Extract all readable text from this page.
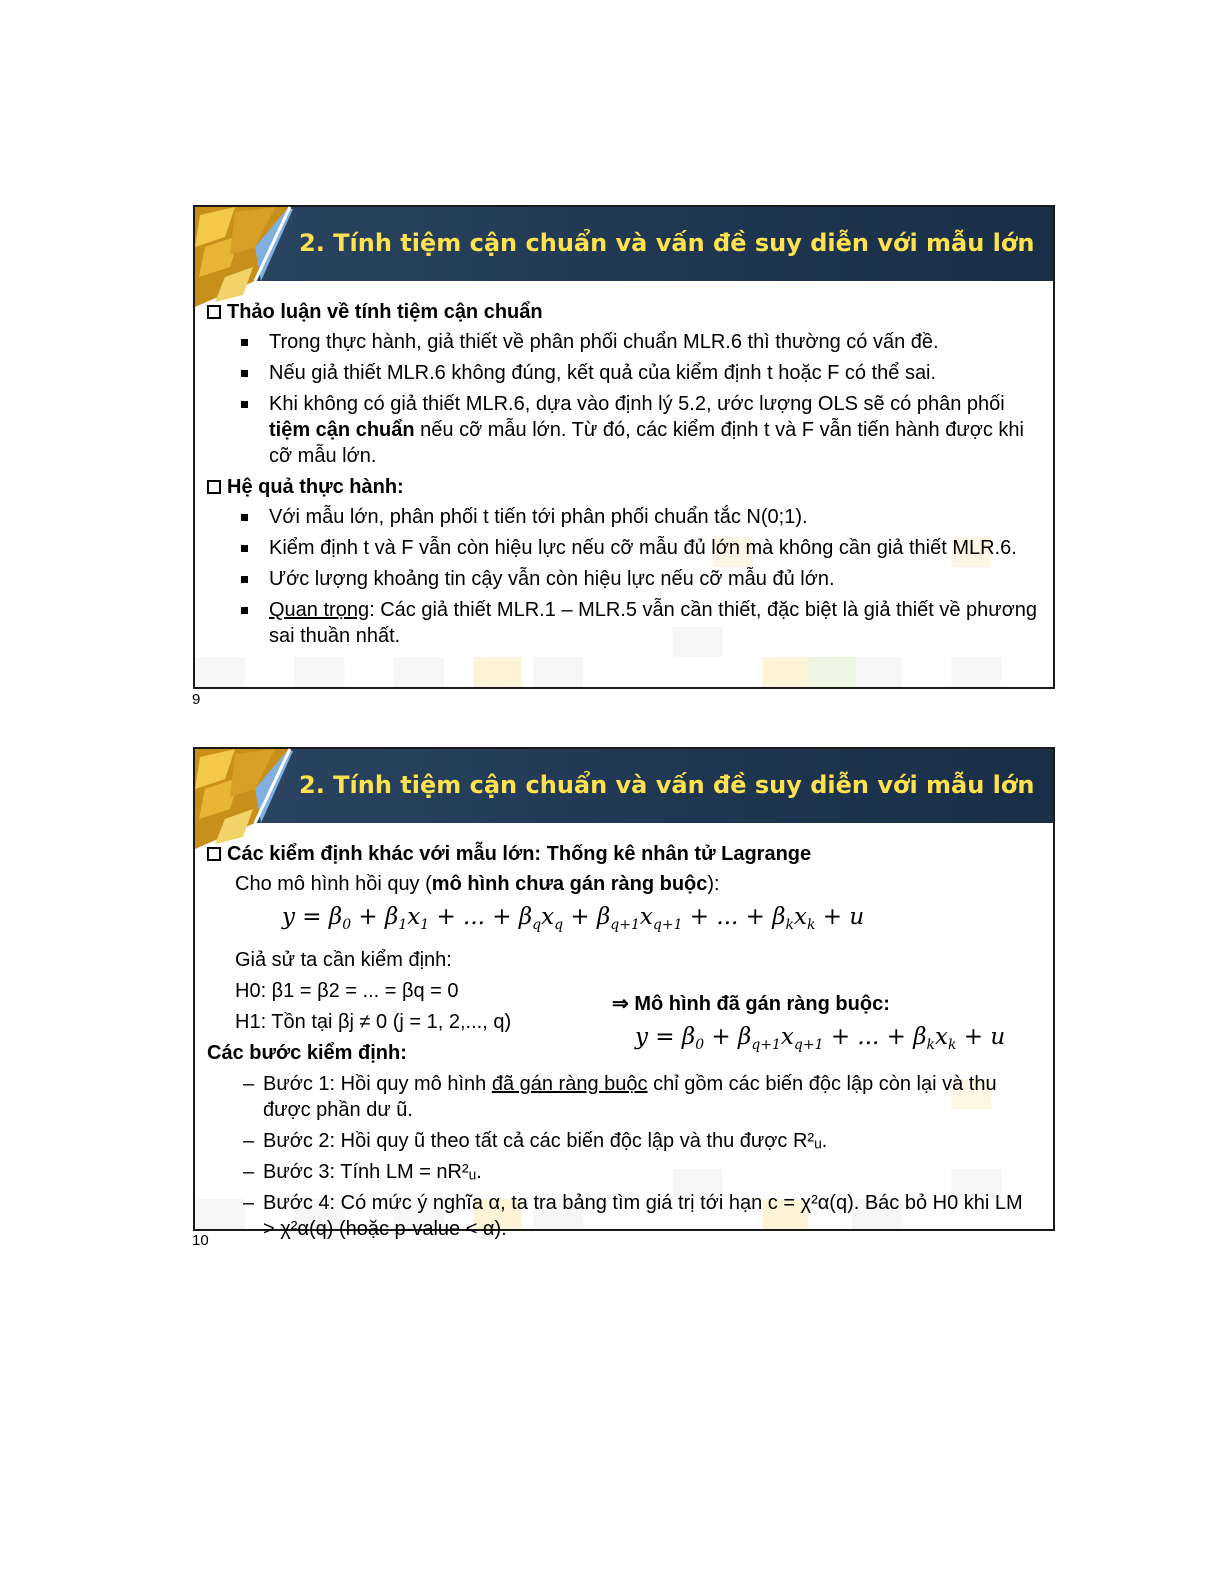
2. Tính tiệm cận chuẩn và vấn đề suy diễn với mẫu lớn
Thảo luận về tính tiệm cận chuẩn
Trong thực hành, giả thiết về phân phối chuẩn MLR.6 thì thường có vấn đề.
Nếu giả thiết MLR.6 không đúng, kết quả của kiểm định t hoặc F có thể sai.
Khi không có giả thiết MLR.6, dựa vào định lý 5.2, ước lượng OLS sẽ có phân phối tiệm cận chuẩn nếu cỡ mẫu lớn. Từ đó, các kiểm định t và F vẫn tiến hành được khi cỡ mẫu lớn.
Hệ quả thực hành:
Với mẫu lớn, phân phối t tiến tới phân phối chuẩn tắc N(0;1).
Kiểm định t và F vẫn còn hiệu lực nếu cỡ mẫu đủ lớn mà không cần giả thiết MLR.6.
Ước lượng khoảng tin cậy vẫn còn hiệu lực nếu cỡ mẫu đủ lớn.
Quan trọng: Các giả thiết MLR.1 – MLR.5 vẫn cần thiết, đặc biệt là giả thiết về phương sai thuần nhất.
9
2. Tính tiệm cận chuẩn và vấn đề suy diễn với mẫu lớn
Các kiểm định khác với mẫu lớn: Thống kê nhân tử Lagrange
Cho mô hình hồi quy (mô hình chưa gán ràng buộc):
$y = \beta_0 + \beta_1x_1$ + ... + $\beta_qx_q + \beta_{q+1}x_{q+1}$ + ... + $\beta_kx_k + u$
Giả sử ta cần kiểm định:
H0: β1 = β2 = ... = βq = 0
H1: Tồn tại βj ≠ 0 (j = 1, 2,..., q)
⇒ Mô hình đã gán ràng buộc:
$y = \beta_0 + \beta_{q+1}x_{q+1}$ + ... + $\beta_kx_k + u$
Các bước kiểm định:
– Bước 1: Hồi quy mô hình đã gán ràng buộc chỉ gồm các biến độc lập còn lại và thu được phần dư ũ.
– Bước 2: Hồi quy ũ theo tất cả các biến độc lập và thu được R²ᵤ.
– Bước 3: Tính LM = nR²ᵤ.
– Bước 4: Có mức ý nghĩa α, ta tra bảng tìm giá trị tới hạn c = χ²α(q). Bác bỏ H0 khi LM > χ²α(q) (hoặc p-value < α).
10
